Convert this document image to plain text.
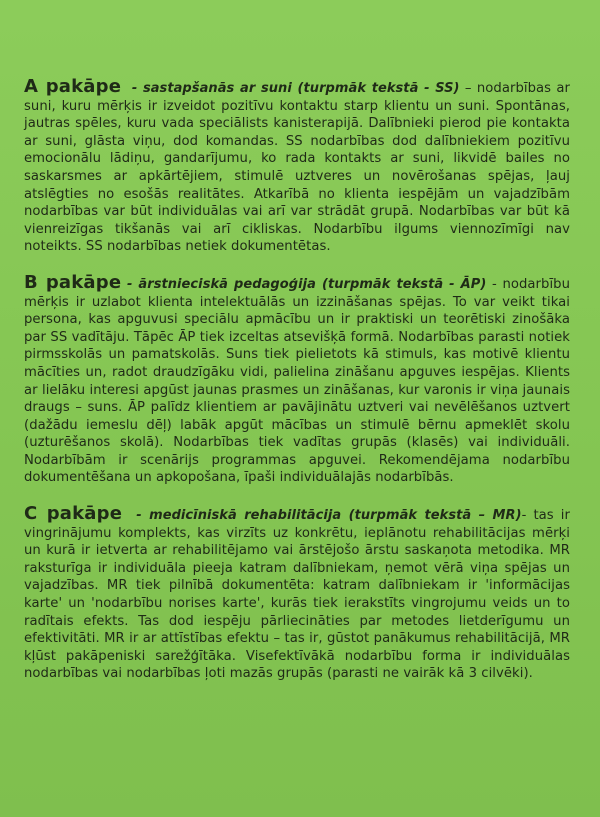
A pakāpe - sastapšanās ar suni (turpmāk tekstā - SS) – nodarbības ar suni, kuru mērķis ir izveidot pozitīvu kontaktu starp klientu un suni. Spontānas, jautras spēles, kuru vada speciālists kanisterapijā. Dalībnieki pierod pie kontakta ar suni, glāsta viņu, dod komandas. SS nodarbības dod dalībniekiem pozitīvu emocionālu lādiņu, gandarījumu, ko rada kontakts ar suni, likvidē bailes no saskarsmes ar apkārtējiem, stimulē uztveres un novērošanas spējas, ļauj atslēgties no esošās realitātes. Atkarībā no klienta iespējām un vajadzībām nodarbības var būt individuālas vai arī var strādāt grupā. Nodarbības var būt kā vienreizīgas tikšanās vai arī cikliskas. Nodarbību ilgums viennozīmīgi nav noteikts. SS nodarbības netiek dokumentētas.

B pakāpe - ārstnieciskā pedagoģija (turpmāk tekstā - ĀP) - nodarbību mērķis ir uzlabot klienta intelektuālās un izzināšanas spējas. To var veikt tikai persona, kas apguvusi speciālu apmācību un ir praktiski un teorētiski zinošāka par SS vadītāju. Tāpēc ĀP tiek izceltas atsevišķā formā. Nodarbības parasti notiek pirmsskolās un pamatskolās. Suns tiek pielietots kā stimuls, kas motivē klientu mācīties un, radot draudzīgāku vidi, palielina zināšanu apguves iespējas. Klients ar lielāku interesi apgūst jaunas prasmes un zināšanas, kur varonis ir viņa jaunais draugs – suns. ĀP palīdz klientiem ar pavājinātu uztveri vai nevēlēšanos uztvert (dažādu iemeslu dēļ) labāk apgūt mācības un stimulē bērnu apmeklēt skolu (uzturēšanos skolā). Nodarbības tiek vadītas grupās (klasēs) vai individuāli. Nodarbībām ir scenārijs programmas apguvei. Rekomendējama nodarbību dokumentēšana un apkopošana, īpaši individuālajās nodarbībās.

C pakāpe - medicīniskā rehabilitācija (turpmāk tekstā – MR)- tas ir vingrinājumu komplekts, kas virzīts uz konkrētu, ieplānotu rehabilitācijas mērķi un kurā ir ietverta ar rehabilitējamo vai ārstējošo ārstu saskaņota metodika. MR raksturīga ir individuāla pieeja katram dalībniekam, ņemot vērā viņa spējas un vajadzības. MR tiek pilnībā dokumentēta: katram dalībniekam ir 'informācijas karte' un 'nodarbību norises karte', kurās tiek ierakstīts vingrojumu veids un to radītais efekts. Tas dod iespēju pārliecināties par metodes lietderīgumu un efektivitāti. MR ir ar attīstības efektu – tas ir, gūstot panākumus rehabilitācijā, MR kļūst pakāpeniski sarežģītāka. Visefektīvākā nodarbību forma ir individuālas nodarbības vai nodarbības ļoti mazās grupās (parasti ne vairāk kā 3 cilvēki).
